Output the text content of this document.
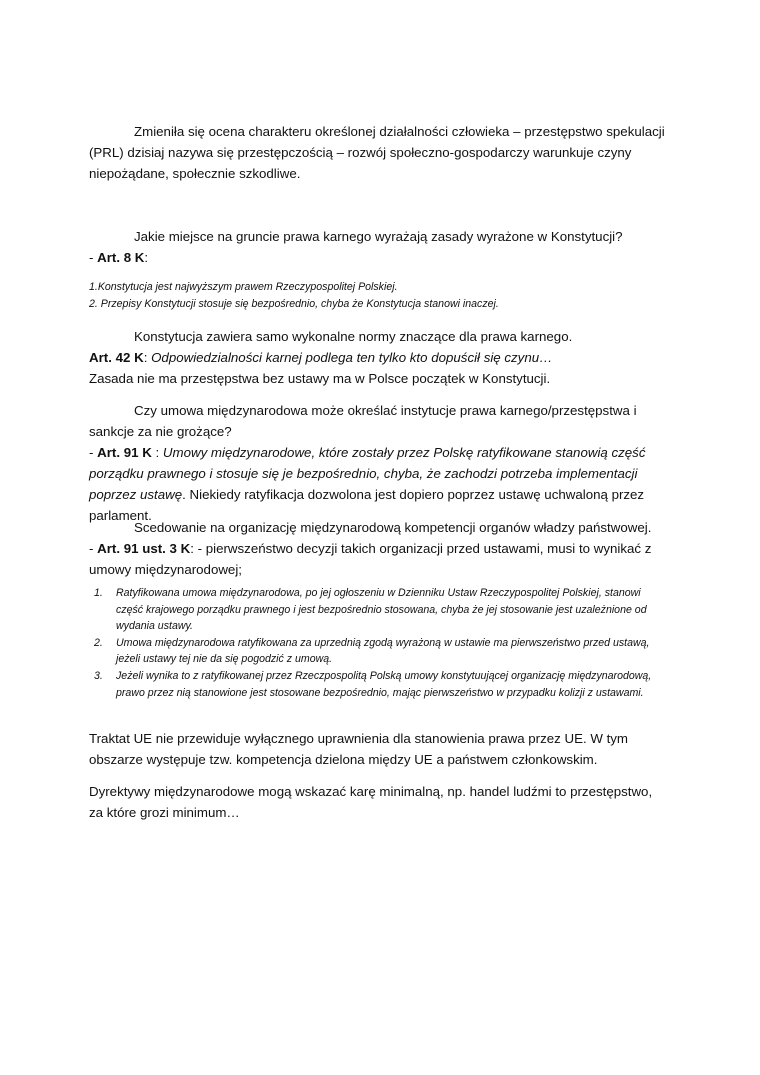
Zmieniła się ocena charakteru określonej działalności człowieka – przestępstwo spekulacji (PRL) dzisiaj nazywa się przestępczością – rozwój społeczno-gospodarczy warunkuje czyny niepożądane, społecznie szkodliwe.

Jakie miejsce na gruncie prawa karnego wyrażają zasady wyrażone w Konstytucji?

- Art. 8 K:

1.Konstytucja jest najwyższym prawem Rzeczypospolitej Polskiej.

2. Przepisy Konstytucji stosuje się bezpośrednio, chyba że Konstytucja stanowi inaczej.

Konstytucja zawiera samo wykonalne normy znaczące dla prawa karnego.

Art. 42 K: Odpowiedzialności karnej podlega ten tylko kto dopuścił się czynu…

Zasada nie ma przestępstwa bez ustawy ma w Polsce początek w Konstytucji.

Czy umowa międzynarodowa może określać instytucje prawa karnego/przestępstwa i sankcje za nie grożące?

- Art. 91 K : Umowy międzynarodowe, które zostały przez Polskę ratyfikowane stanowią część porządku prawnego i stosuje się je bezpośrednio, chyba, że zachodzi potrzeba implementacji poprzez ustawę. Niekiedy ratyfikacja dozwolona jest dopiero poprzez ustawę uchwaloną przez parlament.

Scedowanie na organizację międzynarodową kompetencji organów władzy państwowej.

- Art. 91 ust. 3 K: - pierwszeństwo decyzji takich organizacji przed ustawami, musi to wynikać z umowy międzynarodowej;

1. Ratyfikowana umowa międzynarodowa, po jej ogłoszeniu w Dzienniku Ustaw Rzeczypospolitej Polskiej, stanowi część krajowego porządku prawnego i jest bezpośrednio stosowana, chyba że jej stosowanie jest uzależnione od wydania ustawy.
2. Umowa międzynarodowa ratyfikowana za uprzednią zgodą wyrażoną w ustawie ma pierwszeństwo przed ustawą, jeżeli ustawy tej nie da się pogodzić z umową.
3. Jeżeli wynika to z ratyfikowanej przez Rzeczpospolitą Polską umowy konstytuującej organizację międzynarodową, prawo przez nią stanowione jest stosowane bezpośrednio, mając pierwszeństwo w przypadku kolizji z ustawami.

Traktat UE nie przewiduje wyłącznego uprawnienia dla stanowienia prawa przez UE. W tym obszarze występuje tzw. kompetencja dzielona między UE a państwem członkowskim.

Dyrektywy międzynarodowe mogą wskazać karę minimalną, np. handel ludźmi to przestępstwo, za które grozi minimum…
